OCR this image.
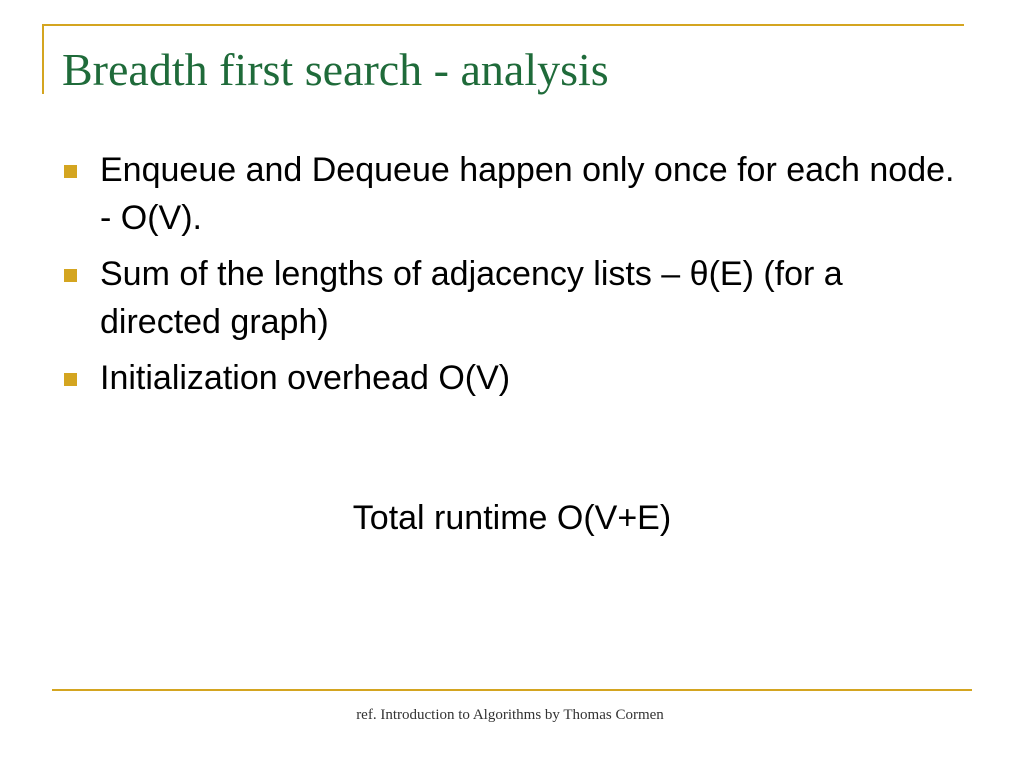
Breadth first search - analysis
Enqueue and Dequeue happen only once for each node.     - O(V).
Sum of the lengths of adjacency lists – θ(E) (for a directed graph)
Initialization overhead O(V)

Total runtime O(V+E)

ref. Introduction to Algorithms by Thomas Cormen
